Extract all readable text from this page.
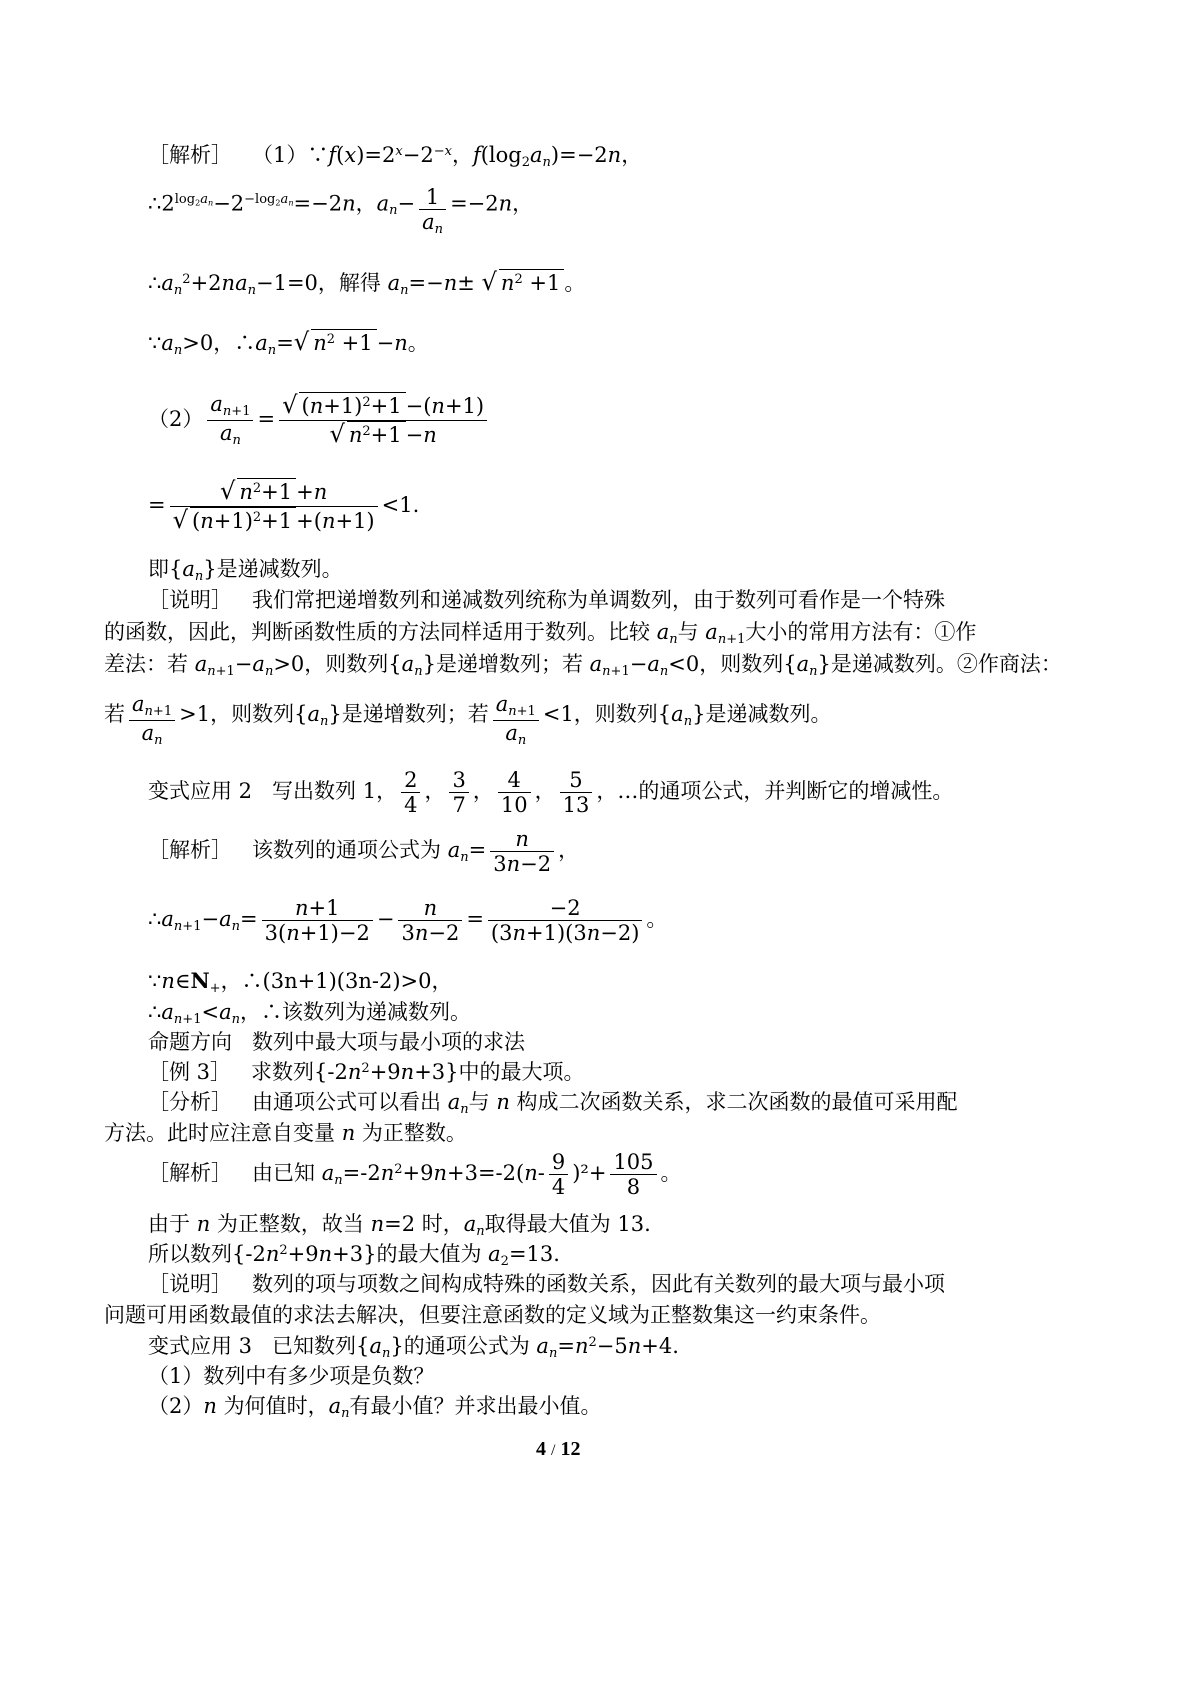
［解析］   $(1)\because f(x)=2^x-2^{-x}$，$f(\log_2a_n)=-2n$，
$\therefore 2^{log_2a_n}-2^{-log_2a_n}=-2n$，$a_n- \frac{1}{a_n} =-2n$，
$\therefore a_n^2+2na_n-1=0$，解得 $a_n=-n\pm$ √ $n^2 +1$ 。
$\because a_n>0$，$\therefore a_n=√$ $n^2 +1 -n$。
$(2) \frac{a_{n+1}}{a_n} = \frac{√ (n+1)^2+1 -(n+1)}{√ n^2+1 -n}$
= $\frac{√ n^2+1 +n}{√ (n+1)^2+1 +(n+1)} <1$.
即$\{a_n\}$是递减数列。
［说明］   我们常把递增数列和递减数列统称为单调数列，由于数列可看作是一个特殊
的函数，因此，判断函数性质的方法同样适用于数列。比较 $a_n$与 $a_{n+1}$大小的常用方法有：①作
差法：若 $a_{n+1}-a_n>0$，则数列$\{a_n\}$是递增数列；若 $a_{n+1}-a_n<0$，则数列$\{a_n\}$是递减数列。②作商法：
若 $\frac{a_{n+1}}{a_n} >1$，则数列$\{a_n\}$是递增数列；若 $\frac{a_{n+1}}{a_n} <1$，则数列$\{a_n\}$是递减数列。
变式应用 2   写出数列 1， $\frac{2}{4}$ ， $\frac{3}{7}$ ， $\frac{4}{10}$ ， $\frac{5}{13}$ ，…的通项公式，并判断它的增减性。
［解析］   该数列的通项公式为 $a_n= \frac{n}{3n-2}$ ，
$\therefore a_{n+1}-a_n= \frac{n+1}{3(n+1)-2} - \frac{n}{3n-2} = \frac{-2}{(3n+1)(3n-2)}$ 。
$\because n\in N_+$，∴(3n+1)(3n-2)>0，
$\therefore a_{n+1}<a_n$，∴该数列为递减数列。
命题方向   数列中最大项与最小项的求法
［例 3］   求数列$\{-2n^2+9n+3\}$中的最大项。
［分析］   由通项公式可以看出 $a_n$与 n 构成二次函数关系，求二次函数的最值可采用配
方法。此时应注意自变量 n 为正整数。
［解析］   由已知 $a_n=-2n^2+9n+3=-2(n- \frac{9}{4} )^2+ \frac{105}{8}$ 。
由于 n 为正整数，故当 n=2 时，$a_n$取得最大值为 13.
所以数列$\{-2n^2+9n+3\}$的最大值为 $a_2=13$.
［说明］   数列的项与项数之间构成特殊的函数关系，因此有关数列的最大项与最小项
问题可用函数最值的求法去解决，但要注意函数的定义域为正整数集这一约束条件。
变式应用 3   已知数列$\{a_n\}$的通项公式为 $a_n=n^2-5n+4$.
（1）数列中有多少项是负数？
（2）n 为何值时，$a_n$有最小值？并求出最小值。
4 / 12
